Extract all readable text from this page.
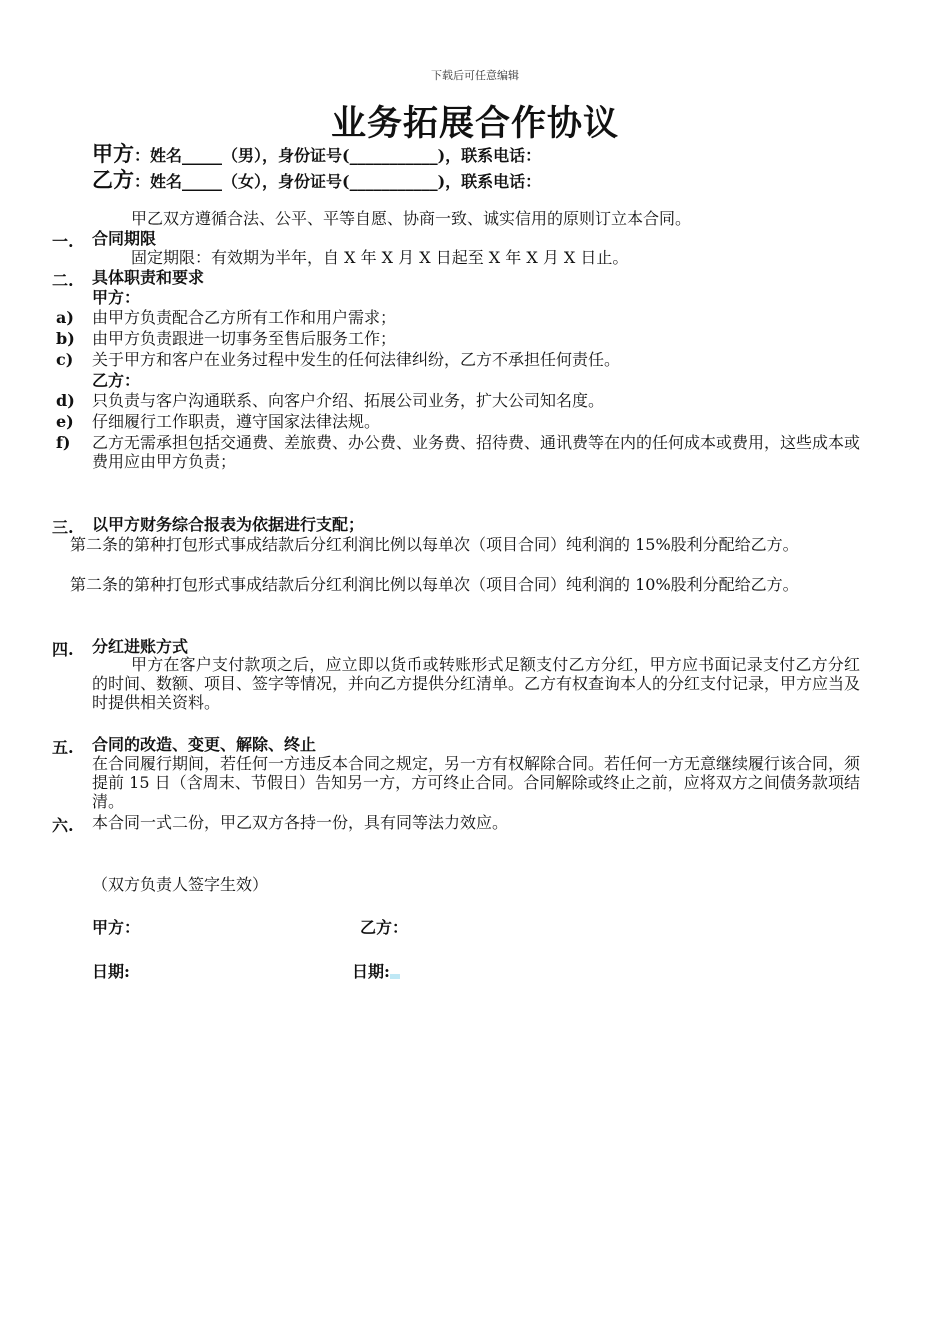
下载后可任意编辑
业务拓展合作协议
甲方：姓名_____（男），身份证号(___________)，联系电话：
乙方：姓名_____（女），身份证号(___________)，联系电话：
甲乙双方遵循合法、公平、平等自愿、协商一致、诚实信用的原则订立本合同。
一. 合同期限
固定期限：有效期为半年，自 X 年 X 月 X 日起至 X 年 X 月 X 日止。
二. 具体职责和要求
甲方：
a) 由甲方负责配合乙方所有工作和用户需求；
b) 由甲方负责跟进一切事务至售后服务工作；
c) 关于甲方和客户在业务过程中发生的任何法律纠纷，乙方不承担任何责任。
乙方：
d) 只负责与客户沟通联系、向客户介绍、拓展公司业务，扩大公司知名度。
e) 仔细履行工作职责，遵守国家法律法规。
f) 乙方无需承担包括交通费、差旅费、办公费、业务费、招待费、通讯费等在内的任何成本或费用，这些成本或费用应由甲方负责；
三. 以甲方财务综合报表为依据进行支配；
第二条的第种打包形式事成结款后分红利润比例以每单次（项目合同）纯利润的 15%股利分配给乙方。
第二条的第种打包形式事成结款后分红利润比例以每单次（项目合同）纯利润的 10%股利分配给乙方。
四. 分红进账方式
甲方在客户支付款项之后，应立即以货币或转账形式足额支付乙方分红，甲方应书面记录支付乙方分红的时间、数额、项目、签字等情况，并向乙方提供分红清单。乙方有权查询本人的分红支付记录，甲方应当及时提供相关资料。
五. 合同的改造、变更、解除、终止
在合同履行期间，若任何一方违反本合同之规定，另一方有权解除合同。若任何一方无意继续履行该合同，须提前 15 日（含周末、节假日）告知另一方，方可终止合同。合同解除或终止之前，应将双方之间债务款项结清。
六. 本合同一式二份，甲乙双方各持一份，具有同等法力效应。
（双方负责人签字生效）
甲方：	乙方：
日期:	日期:
